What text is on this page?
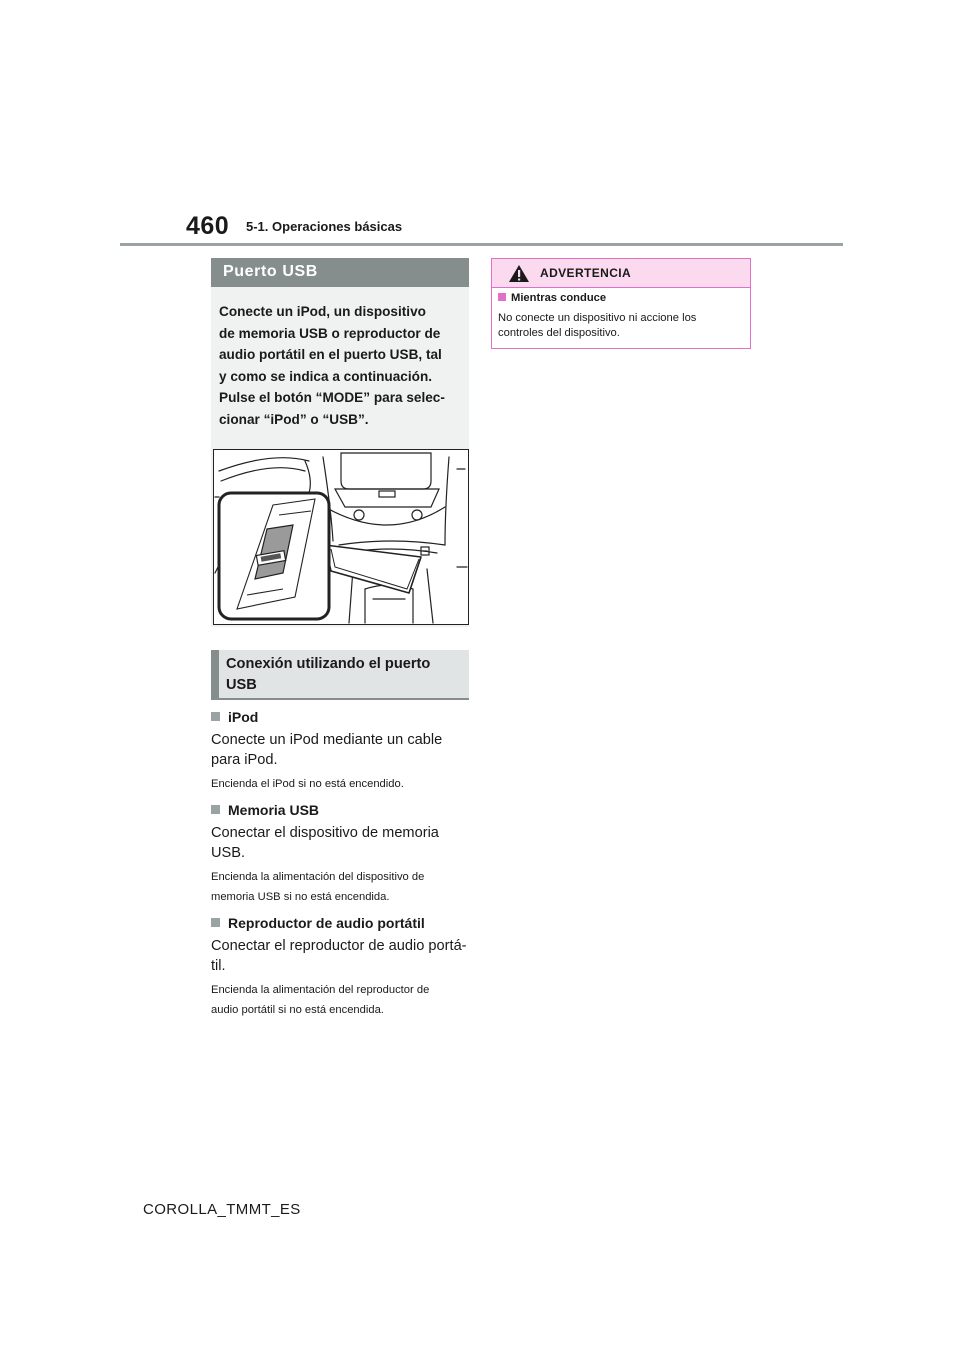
460 5-1. Operaciones básicas
Puerto USB
Conecte un iPod, un dispositivo
de memoria USB o reproductor de
audio portátil en el puerto USB, tal
y como se indica a continuación.
Pulse el botón “MODE” para selec-
cionar “iPod” o “USB”.
Conexión utilizando el puerto
USB
iPod
Conecte un iPod mediante un cable
para iPod.
Encienda el iPod si no está encendido.
Memoria USB
Conectar el dispositivo de memoria
USB.
Encienda la alimentación del dispositivo de
memoria USB si no está encendida.
Reproductor de audio portátil
Conectar el reproductor de audio portá-
til.
Encienda la alimentación del reproductor de
audio portátil si no está encendida.
ADVERTENCIA
Mientras conduce
No conecte un dispositivo ni accione los controles del dispositivo.
COROLLA_TMMT_ES
